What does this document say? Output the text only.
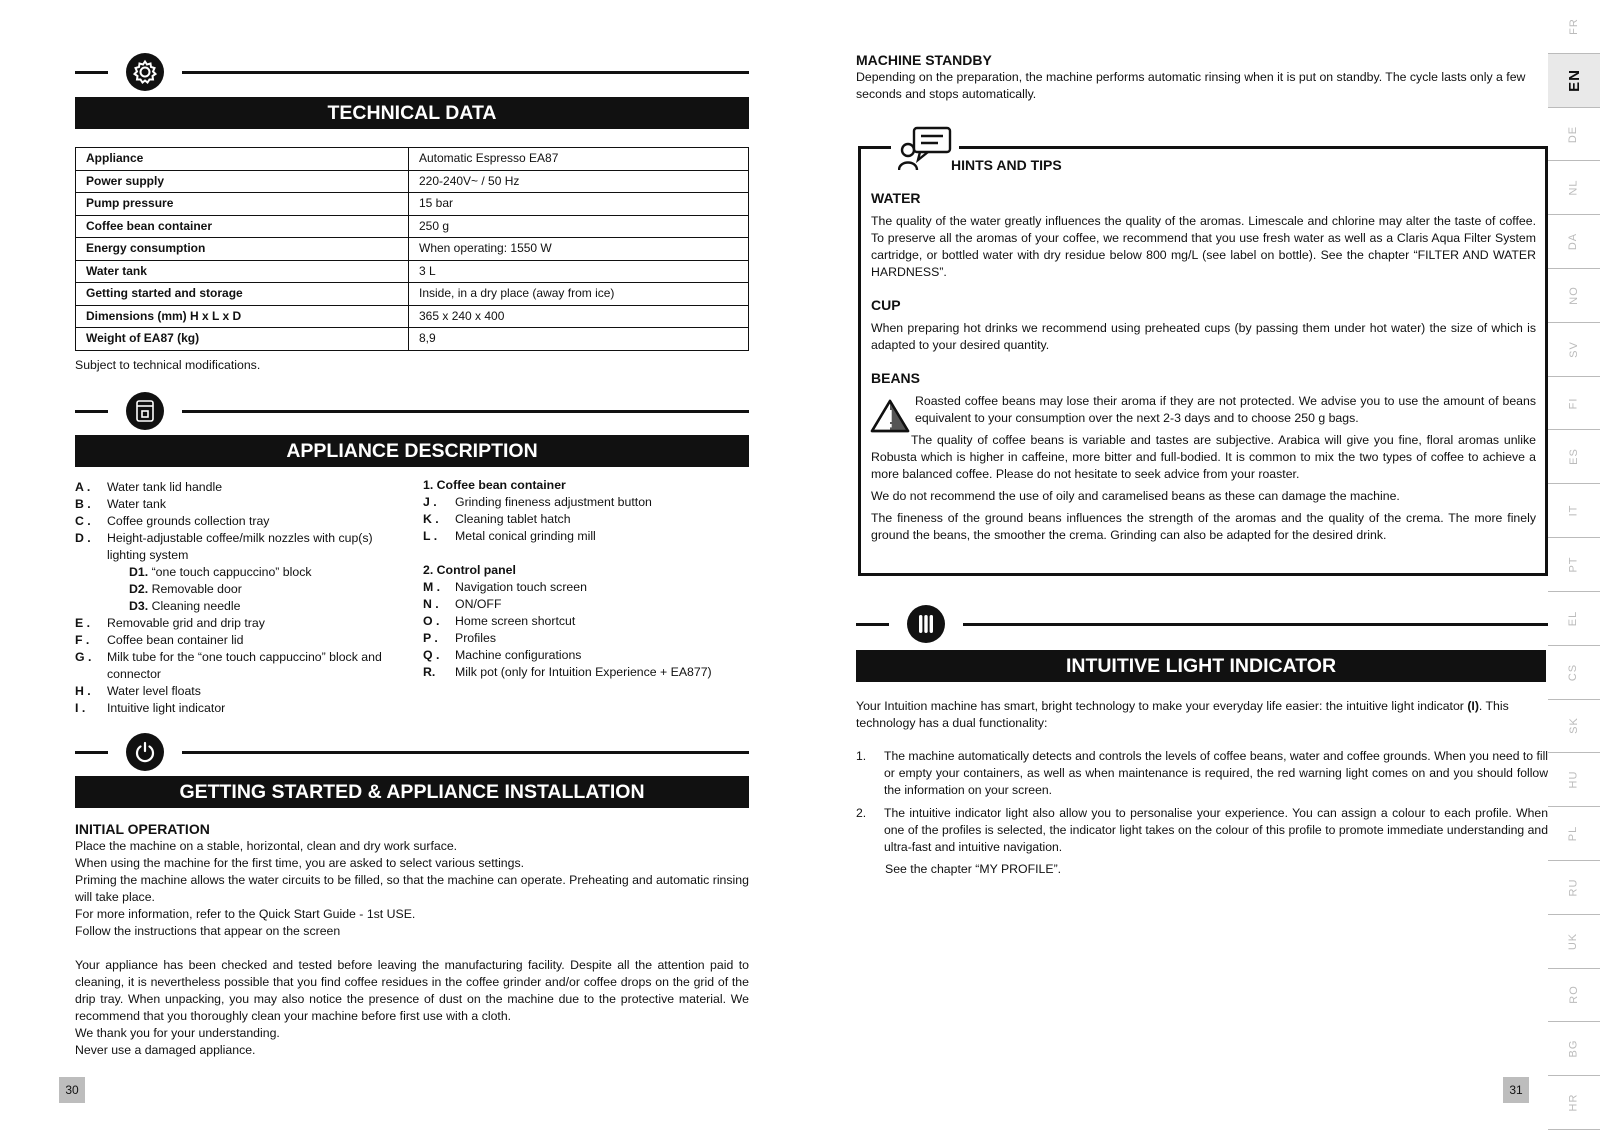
TECHNICAL DATA
Appliance	Automatic Espresso EA87
Power supply	220-240V~ / 50 Hz
Pump pressure	15 bar
Coffee bean container	250 g
Energy consumption	When operating: 1550 W
Water tank	3 L
Getting started and storage	Inside, in a dry place (away from ice)
Dimensions (mm) H x L x D	365 x 240 x 400
Weight of EA87 (kg)	8,9
Subject to technical modifications.
APPLIANCE DESCRIPTION
A .	Water tank lid handle
B .	Water tank
C .	Coffee grounds collection tray
D .	Height-adjustable coffee/milk nozzles with cup(s) lighting system
D1. “one touch cappuccino” block
D2. Removable door
D3. Cleaning needle
E .	Removable grid and drip tray
F .	Coffee bean container lid
G .	Milk tube for the “one touch cappuccino” block and connector
H .	Water level floats
I .	Intuitive light indicator
1. Coffee bean container
J .	Grinding fineness adjustment button
K .	Cleaning tablet hatch
L .	Metal conical grinding mill
2. Control panel
M .	Navigation touch screen
N .	ON/OFF
O .	Home screen shortcut
P .	Profiles
Q .	Machine configurations
R.	Milk pot (only for Intuition Experience + EA877)
GETTING STARTED & APPLIANCE INSTALLATION
INITIAL OPERATION
Place the machine on a stable, horizontal, clean and dry work surface.
When using the machine for the first time, you are asked to select various settings.
Priming the machine allows the water circuits to be filled, so that the machine can operate. Preheating and automatic rinsing will take place.
For more information, refer to the Quick Start Guide - 1st USE.
Follow the instructions that appear on the screen
Your appliance has been checked and tested before leaving the manufacturing facility. Despite all the attention paid to cleaning, it is nevertheless possible that you find coffee residues in the coffee grinder and/or coffee drops on the grid of the drip tray. When unpacking, you may also notice the presence of dust on the machine due to the protective material. We recommend that you thoroughly clean your machine before first use with a cloth.
We thank you for your understanding.
Never use a damaged appliance.
30
MACHINE STANDBY
Depending on the preparation, the machine performs automatic rinsing when it is put on standby. The cycle lasts only a few seconds and stops automatically.
HINTS AND TIPS
WATER
The quality of the water greatly influences the quality of the aromas. Limescale and chlorine may alter the taste of coffee. To preserve all the aromas of your coffee, we recommend that you use fresh water as well as a Claris Aqua Filter System cartridge, or bottled water with dry residue below 800 mg/L (see label on bottle). See the chapter “FILTER AND WATER HARDNESS”.
CUP
When preparing hot drinks we recommend using preheated cups (by passing them under hot water) the size of which is adapted to your desired quantity.
BEANS
Roasted coffee beans may lose their aroma if they are not protected. We advise you to use the amount of beans equivalent to your consumption over the next 2-3 days and to choose 250 g bags.
The quality of coffee beans is variable and tastes are subjective. Arabica will give you fine, floral aromas unlike Robusta which is higher in caffeine, more bitter and full-bodied. It is common to mix the two types of coffee to achieve a more balanced coffee. Please do not hesitate to seek advice from your roaster.
We do not recommend the use of oily and caramelised beans as these can damage the machine.
The fineness of the ground beans influences the strength of the aromas and the quality of the crema. The more finely ground the beans, the smoother the crema. Grinding can also be adapted for the desired drink.
INTUITIVE LIGHT INDICATOR
Your Intuition machine has smart, bright technology to make your everyday life easier: the intuitive light indicator (I). This technology has a dual functionality:
1.	The machine automatically detects and controls the levels of coffee beans, water and coffee grounds. When you need to fill or empty your containers, as well as when maintenance is required, the red warning light comes on and you should follow the information on your screen.
2.	The intuitive indicator light also allow you to personalise your experience. You can assign a colour to each profile. When one of the profiles is selected, the indicator light takes on the colour of this profile to promote immediate understanding and ultra-fast and intuitive navigation.
See the chapter “MY PROFILE”.
31
FR
EN
DE
NL
DA
NO
SV
FI
ES
IT
PT
EL
CS
SK
HU
PL
RU
UK
RO
BG
HR
